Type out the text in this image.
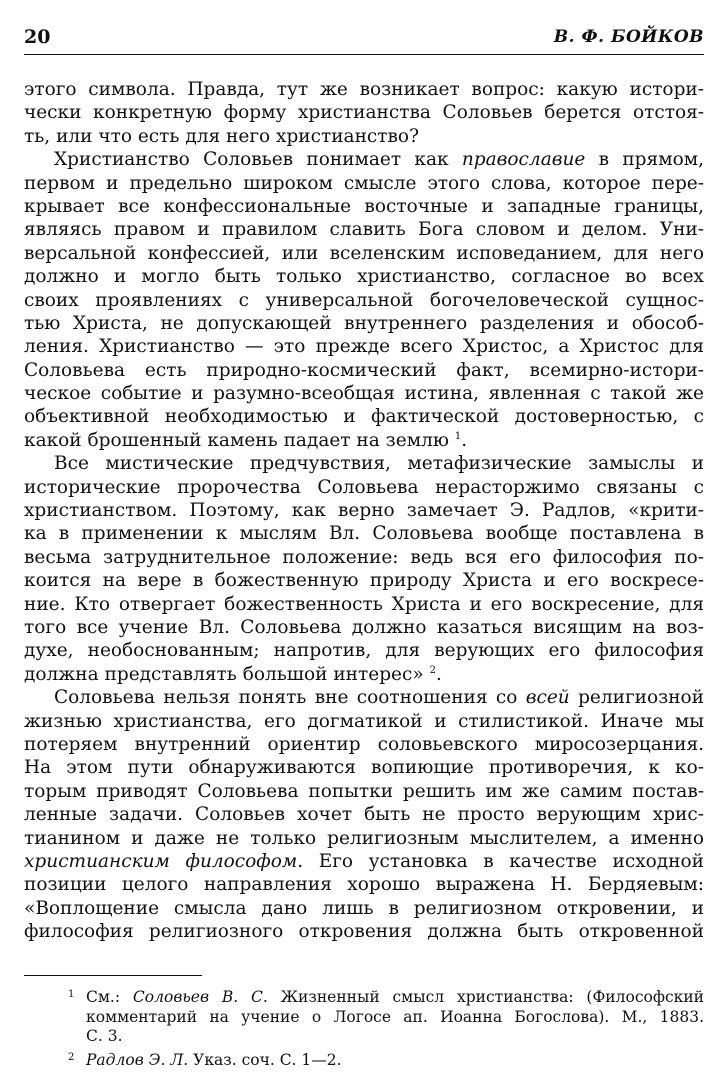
20	В. Ф. БОЙКОВ
этого символа. Правда, тут же возникает вопрос: какую истори-
чески конкретную форму христианства Соловьев берется отстоя-
ть, или что есть для него христианство?
Христианство Соловьев понимает как православие в прямом,
первом и предельно широком смысле этого слова, которое пере-
крывает все конфессиональные восточные и западные границы,
являясь правом и правилом славить Бога словом и делом. Уни-
версальной конфессией, или вселенским исповеданием, для него
должно и могло быть только христианство, согласное во всех
своих проявлениях с универсальной богочеловеческой сущнос-
тью Христа, не допускающей внутреннего разделения и обособ-
ления. Христианство — это прежде всего Христос, а Христос для
Соловьева есть природно-космический факт, всемирно-истори-
ческое событие и разумно-всеобщая истина, явленная с такой же
объективной необходимостью и фактической достоверностью, с
какой брошенный камень падает на землю $^1$.
Все мистические предчувствия, метафизические замыслы и
исторические пророчества Соловьева нерасторжимо связаны с
христианством. Поэтому, как верно замечает Э. Радлов, «крити-
ка в применении к мыслям Вл. Соловьева вообще поставлена в
весьма затруднительное положение: ведь вся его философия по-
коится на вере в божественную природу Христа и его воскресе-
ние. Кто отвергает божественность Христа и его воскресение, для
того все учение Вл. Соловьева должно казаться висящим на воз-
духе, необоснованным; напротив, для верующих его философия
должна представлять большой интерес» $^2$.
Соловьева нельзя понять вне соотношения со всей религиозной
жизнью христианства, его догматикой и стилистикой. Иначе мы
потеряем внутренний ориентир соловьевского миросозерцания.
На этом пути обнаруживаются вопиющие противоречия, к ко-
торым приводят Соловьева попытки решить им же самим постав-
ленные задачи. Соловьев хочет быть не просто верующим хрис-
тианином и даже не только религиозным мыслителем, а именно
христианским философом. Его установка в качестве исходной
позиции целого направления хорошо выражена Н. Бердяевым:
«Воплощение смысла дано лишь в религиозном откровении, и
философия религиозного откровения должна быть откровенной
1 См.: Соловьев В. С. Жизненный смысл христианства: (Философский
комментарий на учение о Логосе ап. Иоанна Богослова). М., 1883.
С. 3.
2 Радлов Э. Л. Указ. соч. С. 1—2.
